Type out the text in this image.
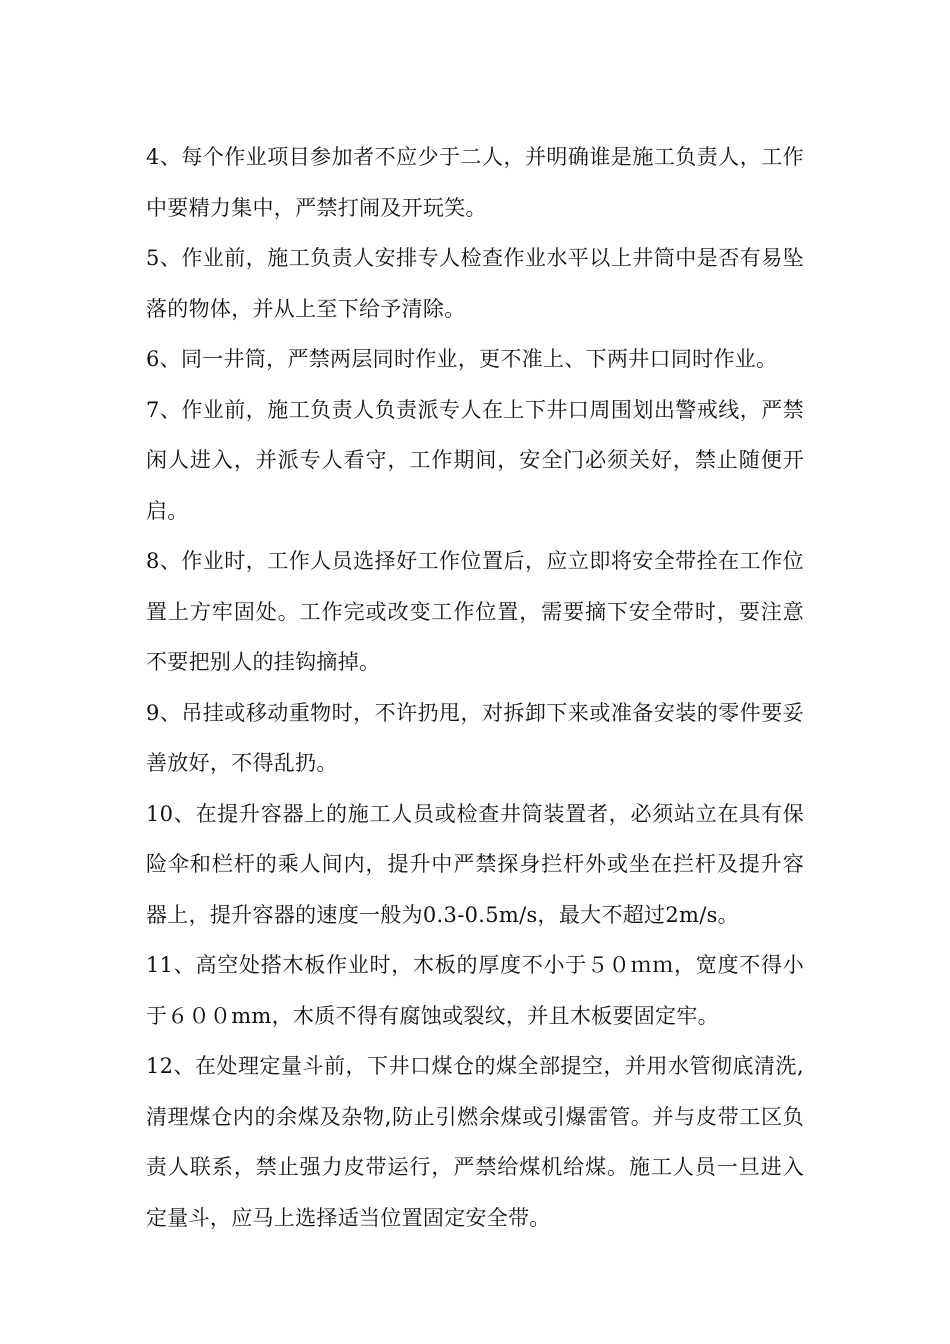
4、每个作业项目参加者不应少于二人，并明确谁是施工负责人，工作中要精力集中，严禁打闹及开玩笑。

5、作业前，施工负责人安排专人检查作业水平以上井筒中是否有易坠落的物体，并从上至下给予清除。

6、同一井筒，严禁两层同时作业，更不准上、下两井口同时作业。

7、作业前，施工负责人负责派专人在上下井口周围划出警戒线，严禁闲人进入，并派专人看守，工作期间，安全门必须关好，禁止随便开启。

8、作业时，工作人员选择好工作位置后，应立即将安全带拴在工作位置上方牢固处。工作完或改变工作位置，需要摘下安全带时，要注意不要把别人的挂钩摘掉。

9、吊挂或移动重物时，不许扔甩，对拆卸下来或准备安装的零件要妥善放好，不得乱扔。

10、在提升容器上的施工人员或检查井筒装置者，必须站立在具有保险伞和栏杆的乘人间内，提升中严禁探身拦杆外或坐在拦杆及提升容器上，提升容器的速度一般为0.3-0.5m/s，最大不超过2m/s。

11、高空处搭木板作业时，木板的厚度不小于５０ｍｍ，宽度不得小于６００mm，木质不得有腐蚀或裂纹，并且木板要固定牢。

12、在处理定量斗前，下井口煤仓的煤全部提空，并用水管彻底清洗,清理煤仓内的余煤及杂物,防止引燃余煤或引爆雷管。并与皮带工区负责人联系，禁止强力皮带运行，严禁给煤机给煤。施工人员一旦进入定量斗，应马上选择适当位置固定安全带。
